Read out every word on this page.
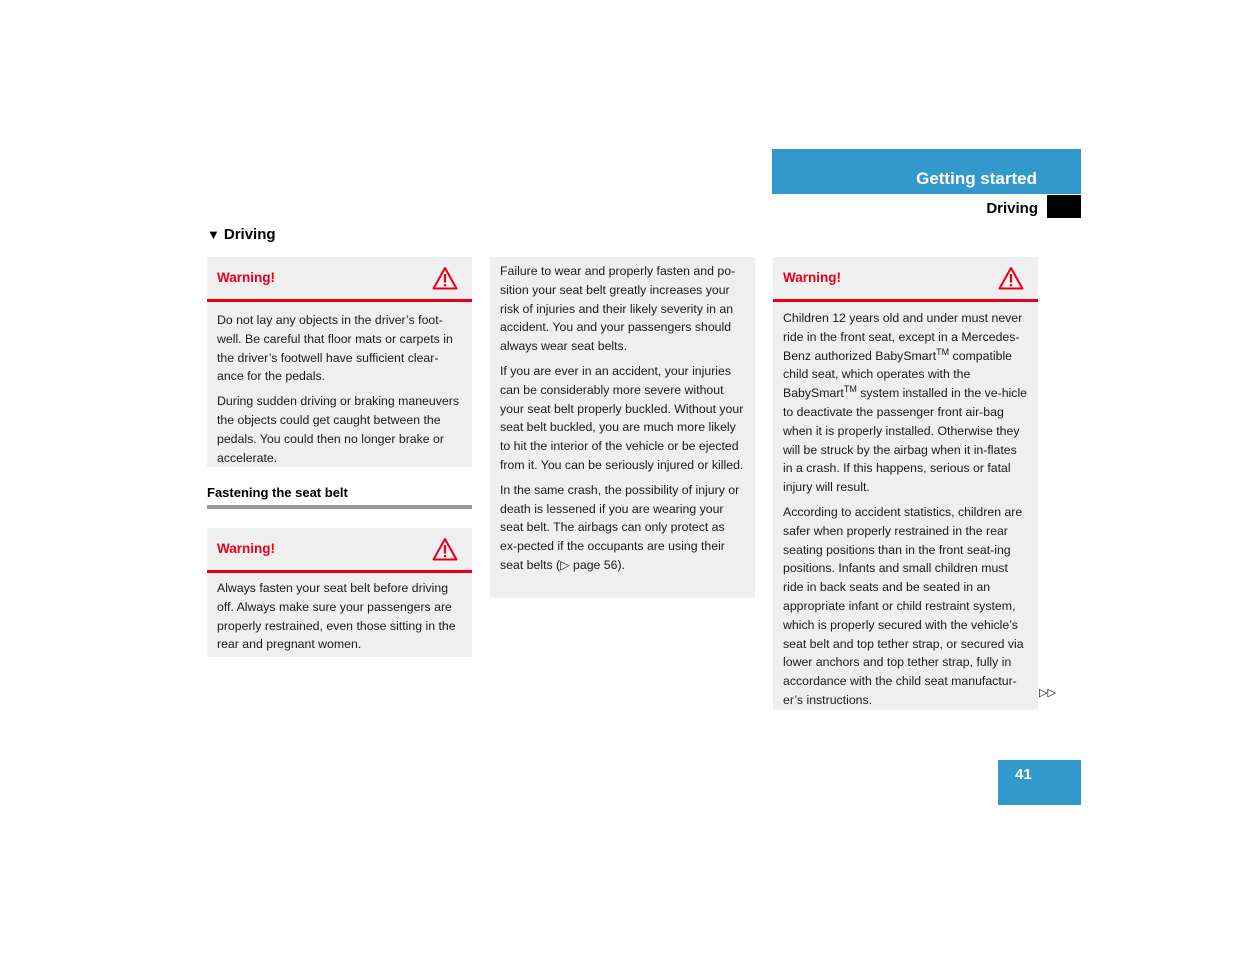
Getting started
Driving
▼ Driving
Warning!

Do not lay any objects in the driver’s foot-well. Be careful that floor mats or carpets in the driver’s footwell have sufficient clear-ance for the pedals.

During sudden driving or braking maneuvers the objects could get caught between the pedals. You could then no longer brake or accelerate.

Fastening the seat belt
Warning!

Always fasten your seat belt before driving off. Always make sure your passengers are properly restrained, even those sitting in the rear and pregnant women.

Failure to wear and properly fasten and po-sition your seat belt greatly increases your risk of injuries and their likely severity in an accident. You and your passengers should always wear seat belts.

If you are ever in an accident, your injuries can be considerably more severe without your seat belt properly buckled. Without your seat belt buckled, you are much more likely to hit the interior of the vehicle or be ejected from it. You can be seriously injured or killed.

In the same crash, the possibility of injury or death is lessened if you are wearing your seat belt. The airbags can only protect as ex-pected if the occupants are using their seat belts (▷ page 56).

Warning!

Children 12 years old and under must never ride in the front seat, except in a Mercedes-Benz authorized BabySmart™ compatible child seat, which operates with the BabySmart™ system installed in the ve-hicle to deactivate the passenger front air-bag when it is properly installed. Otherwise they will be struck by the airbag when it in-flates in a crash. If this happens, serious or fatal injury will result.

According to accident statistics, children are safer when properly restrained in the rear seating positions than in the front seat-ing positions. Infants and small children must ride in back seats and be seated in an appropriate infant or child restraint system, which is properly secured with the vehicle’s seat belt and top tether strap, or secured via lower anchors and top tether strap, fully in accordance with the child seat manufactur-er’s instructions.	▷▷
41
